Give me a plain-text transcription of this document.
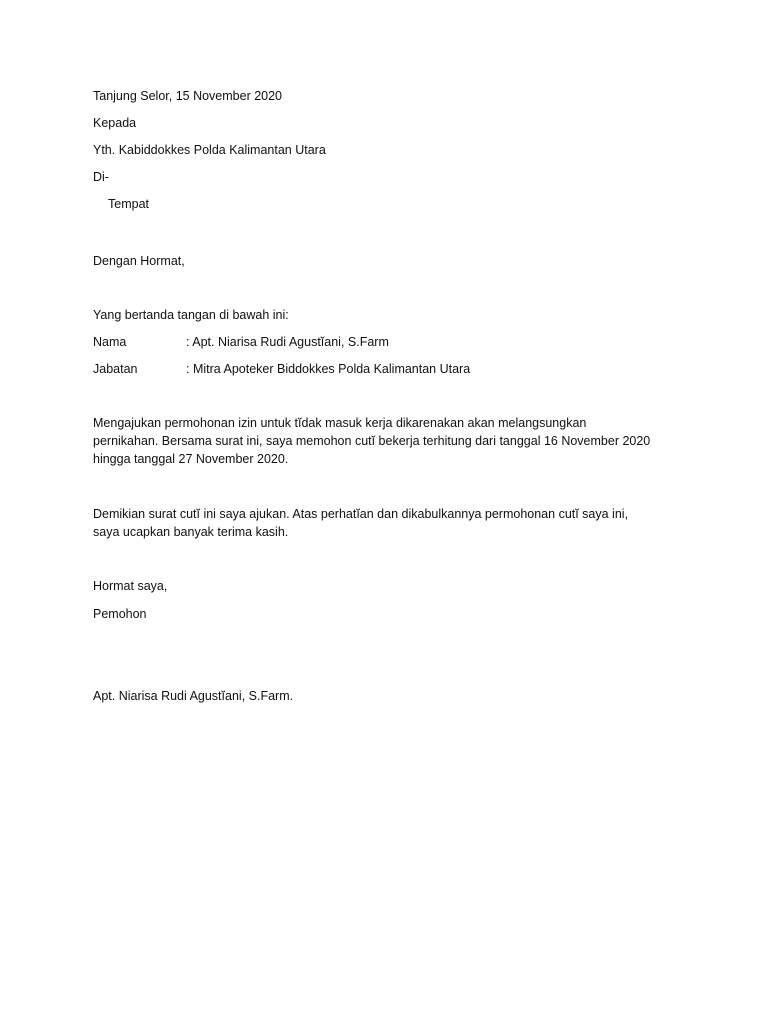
Tanjung Selor, 15 November 2020
Kepada
Yth. Kabiddokkes Polda Kalimantan Utara
Di-
Tempat
Dengan Hormat,
Yang bertanda tangan di bawah ini:
Nama	: Apt. Niarisa Rudi Agustĭani, S.Farm
Jabatan	: Mitra Apoteker Biddokkes Polda Kalimantan Utara
Mengajukan permohonan izin untuk tĭdak masuk kerja dikarenakan akan melangsungkan
pernikahan. Bersama surat ini, saya memohon cutĭ bekerja terhitung dari tanggal 16 November 2020
hingga tanggal 27 November 2020.
Demikian surat cutĭ ini saya ajukan. Atas perhatĭan dan dikabulkannya permohonan cutĭ saya ini,
saya ucapkan banyak terima kasih.
Hormat saya,
Pemohon
Apt. Niarisa Rudi Agustĭani, S.Farm.
